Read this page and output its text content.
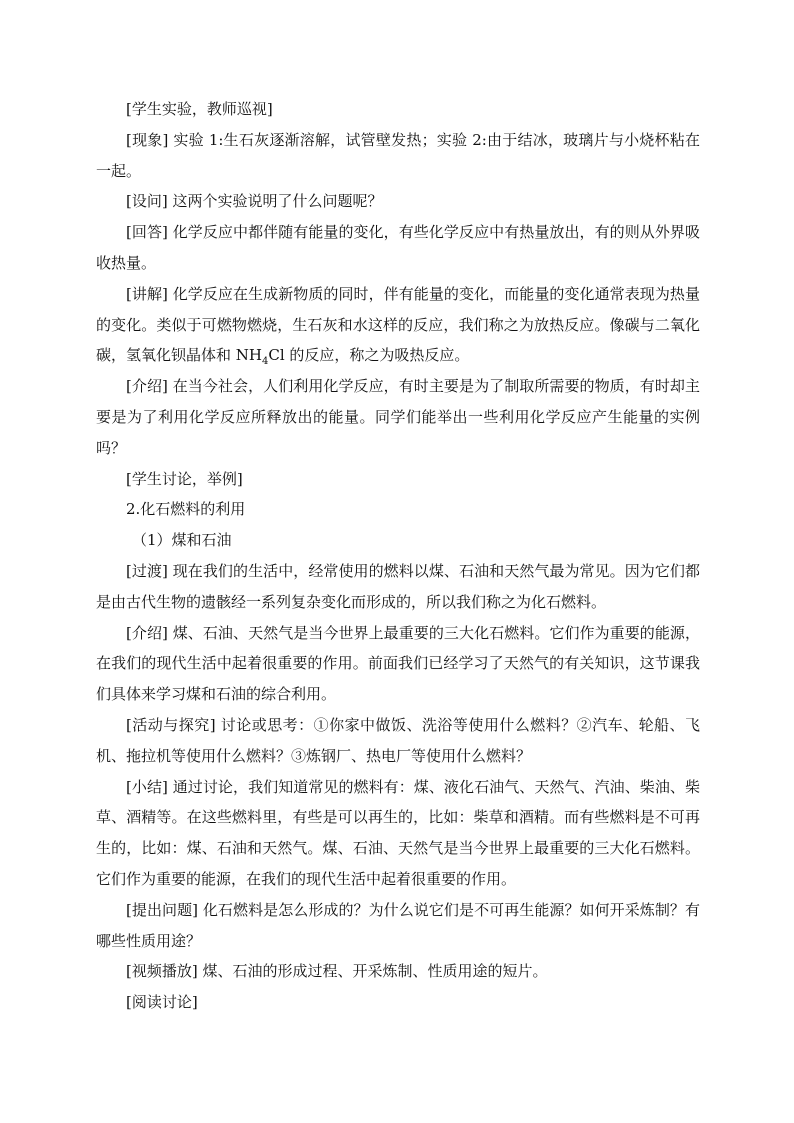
[学生实验，教师巡视]

[现象] 实验 1:生石灰逐渐溶解，试管壁发热；实验 2:由于结冰，玻璃片与小烧杯粘在一起。

[设问] 这两个实验说明了什么问题呢？

[回答] 化学反应中都伴随有能量的变化，有些化学反应中有热量放出，有的则从外界吸收热量。

[讲解] 化学反应在生成新物质的同时，伴有能量的变化，而能量的变化通常表现为热量的变化。类似于可燃物燃烧，生石灰和水这样的反应，我们称之为放热反应。像碳与二氧化碳，氢氧化钡晶体和 $NH_4Cl$ 的反应，称之为吸热反应。

[介绍] 在当今社会，人们利用化学反应，有时主要是为了制取所需要的物质，有时却主要是为了利用化学反应所释放出的能量。同学们能举出一些利用化学反应产生能量的实例吗？

[学生讨论，举例]

2.化石燃料的利用

（1）煤和石油

[过渡] 现在我们的生活中，经常使用的燃料以煤、石油和天然气最为常见。因为它们都是由古代生物的遗骸经一系列复杂变化而形成的，所以我们称之为化石燃料。

[介绍] 煤、石油、天然气是当今世界上最重要的三大化石燃料。它们作为重要的能源，在我们的现代生活中起着很重要的作用。前面我们已经学习了天然气的有关知识，这节课我们具体来学习煤和石油的综合利用。

[活动与探究] 讨论或思考：①你家中做饭、洗浴等使用什么燃料？②汽车、轮船、飞机、拖拉机等使用什么燃料？③炼钢厂、热电厂等使用什么燃料？

[小结] 通过讨论，我们知道常见的燃料有：煤、液化石油气、天然气、汽油、柴油、柴草、酒精等。在这些燃料里，有些是可以再生的，比如：柴草和酒精。而有些燃料是不可再生的，比如：煤、石油和天然气。煤、石油、天然气是当今世界上最重要的三大化石燃料。它们作为重要的能源，在我们的现代生活中起着很重要的作用。

[提出问题] 化石燃料是怎么形成的？为什么说它们是不可再生能源？如何开采炼制？有哪些性质用途？

[视频播放] 煤、石油的形成过程、开采炼制、性质用途的短片。

[阅读讨论]
